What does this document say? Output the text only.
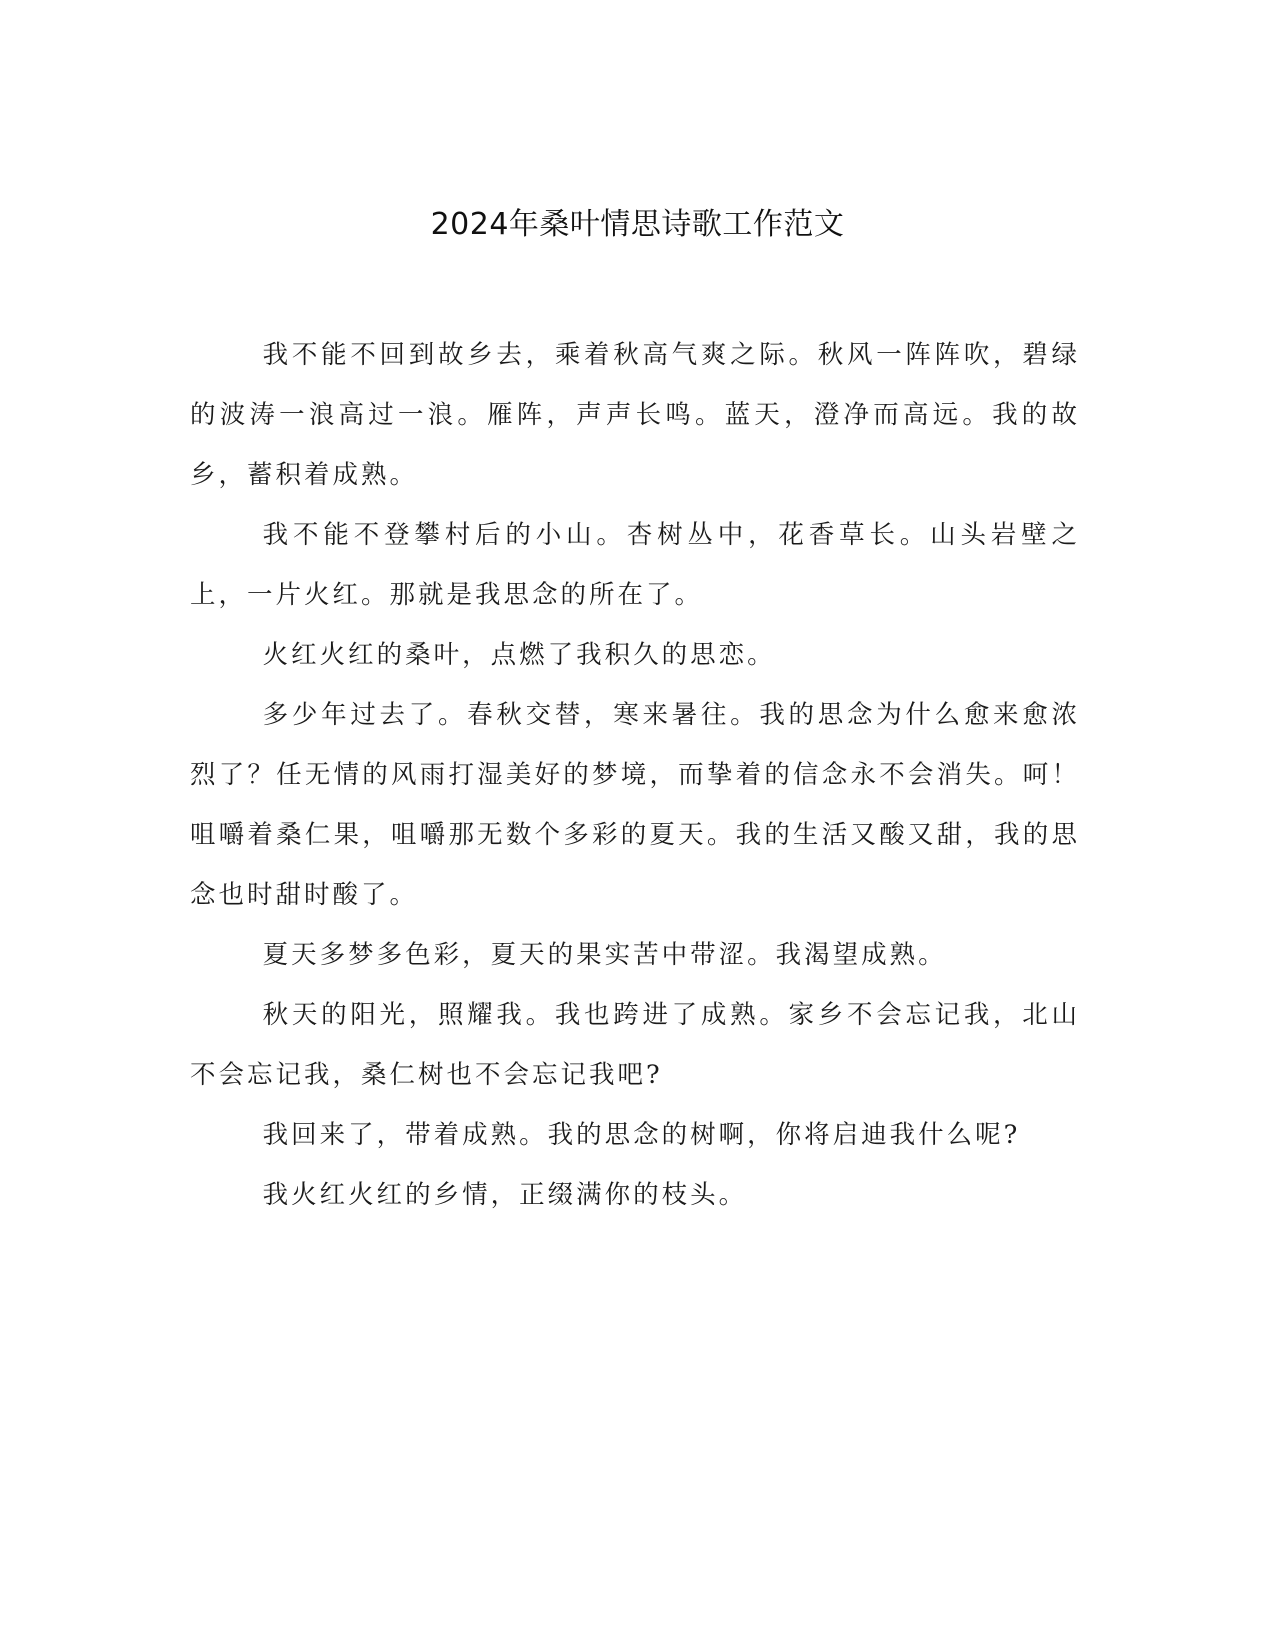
2024年桑叶情思诗歌工作范文

我不能不回到故乡去，乘着秋高气爽之际。秋风一阵阵吹，碧绿的波涛一浪高过一浪。雁阵，声声长鸣。蓝天，澄净而高远。我的故乡，蓄积着成熟。

我不能不登攀村后的小山。杏树丛中，花香草长。山头岩壁之上，一片火红。那就是我思念的所在了。

火红火红的桑叶，点燃了我积久的思恋。

多少年过去了。春秋交替，寒来暑往。我的思念为什么愈来愈浓烈了？任无情的风雨打湿美好的梦境，而挚着的信念永不会消失。呵！咀嚼着桑仁果，咀嚼那无数个多彩的夏天。我的生活又酸又甜，我的思念也时甜时酸了。

夏天多梦多色彩，夏天的果实苦中带涩。我渴望成熟。

秋天的阳光，照耀我。我也跨进了成熟。家乡不会忘记我，北山不会忘记我，桑仁树也不会忘记我吧?

我回来了，带着成熟。我的思念的树啊，你将启迪我什么呢?

我火红火红的乡情，正缀满你的枝头。
